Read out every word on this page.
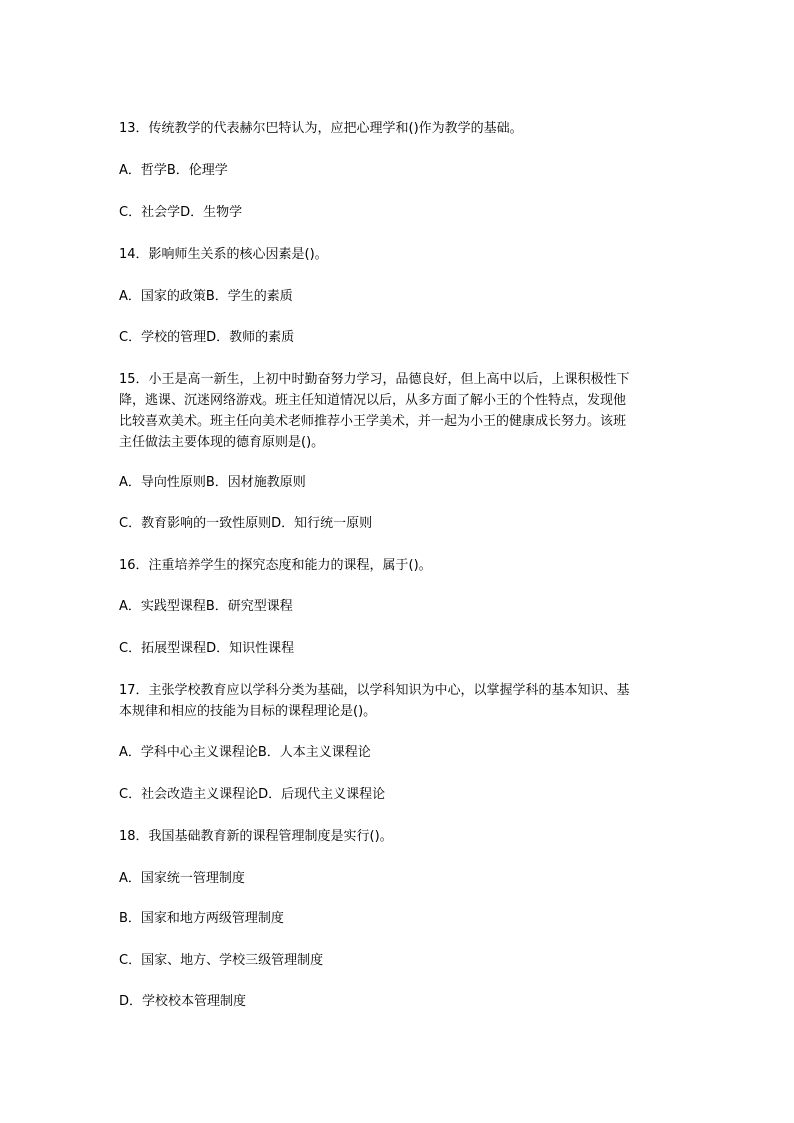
13．传统教学的代表赫尔巴特认为，应把心理学和()作为教学的基础。
A．哲学B．伦理学
C．社会学D．生物学
14．影响师生关系的核心因素是()。
A．国家的政策B．学生的素质
C．学校的管理D．教师的素质
15．小王是高一新生，上初中时勤奋努力学习，品德良好，但上高中以后，上课积极性下
降，逃课、沉迷网络游戏。班主任知道情况以后，从多方面了解小王的个性特点，发现他
比较喜欢美术。班主任向美术老师推荐小王学美术，并一起为小王的健康成长努力。该班
主任做法主要体现的德育原则是()。
A．导向性原则B．因材施教原则
C．教育影响的一致性原则D．知行统一原则
16．注重培养学生的探究态度和能力的课程，属于()。
A．实践型课程B．研究型课程
C．拓展型课程D．知识性课程
17．主张学校教育应以学科分类为基础，以学科知识为中心，以掌握学科的基本知识、基
本规律和相应的技能为目标的课程理论是()。
A．学科中心主义课程论B．人本主义课程论
C．社会改造主义课程论D．后现代主义课程论
18．我国基础教育新的课程管理制度是实行()。
A．国家统一管理制度
B．国家和地方两级管理制度
C．国家、地方、学校三级管理制度
D．学校校本管理制度
